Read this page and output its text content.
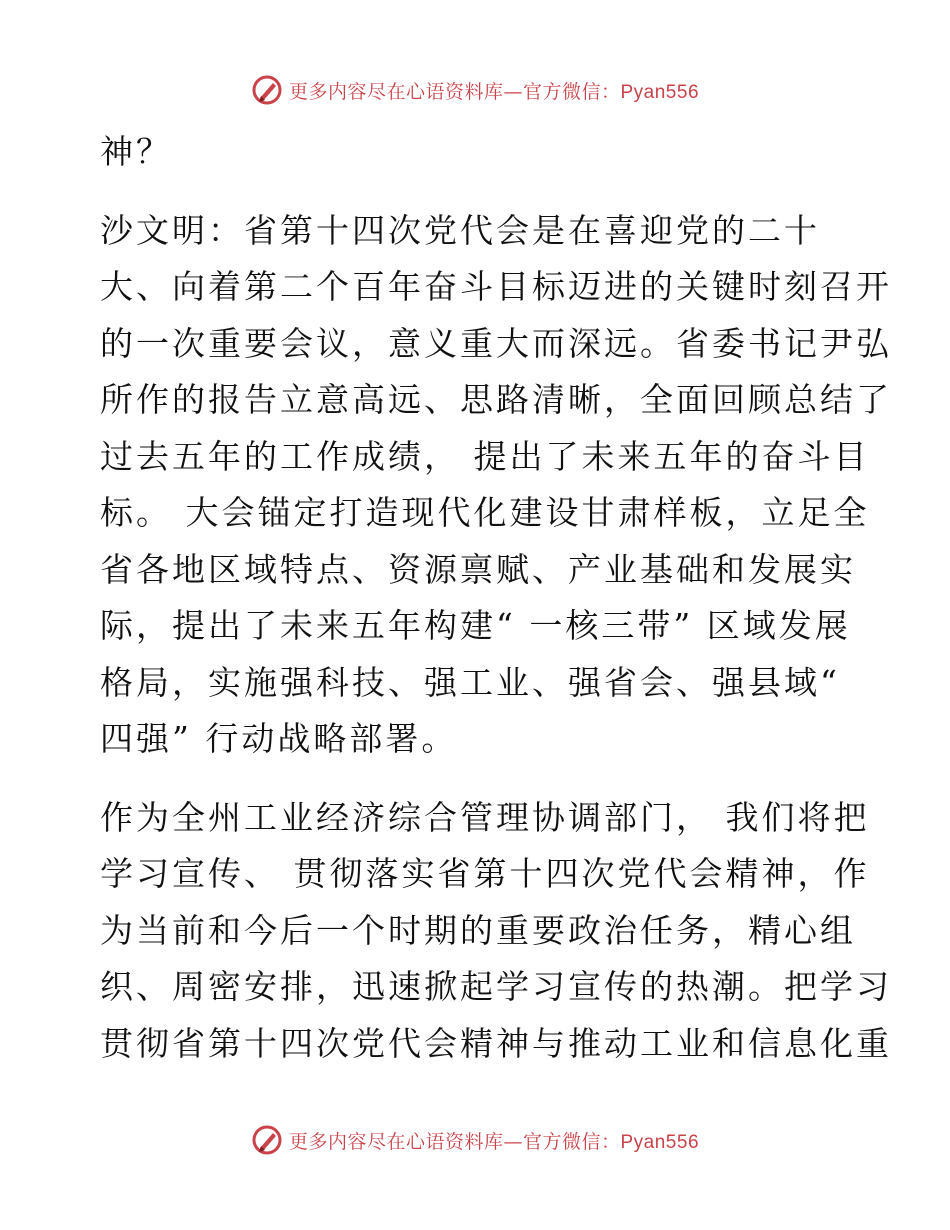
更多内容尽在心语资料库—官方微信：Pyan556

神？

沙文明：省第十四次党代会是在喜迎党的二十
大、向着第二个百年奋斗目标迈进的关键时刻召开
的一次重要会议，意义重大而深远。省委书记尹弘
所作的报告立意高远、思路清晰，全面回顾总结了
过去五年的工作成绩， 提出了未来五年的奋斗目
标。 大会锚定打造现代化建设甘肃样板，立足全
省各地区域特点、资源禀赋、产业基础和发展实
际，提出了未来五年构建“ 一核三带” 区域发展
格局，实施强科技、强工业、强省会、强县域“
四强” 行动战略部署。

作为全州工业经济综合管理协调部门， 我们将把
学习宣传、 贯彻落实省第十四次党代会精神，作
为当前和今后一个时期的重要政治任务，精心组
织、周密安排，迅速掀起学习宣传的热潮。把学习
贯彻省第十四次党代会精神与推动工业和信息化重

更多内容尽在心语资料库—官方微信：Pyan556
